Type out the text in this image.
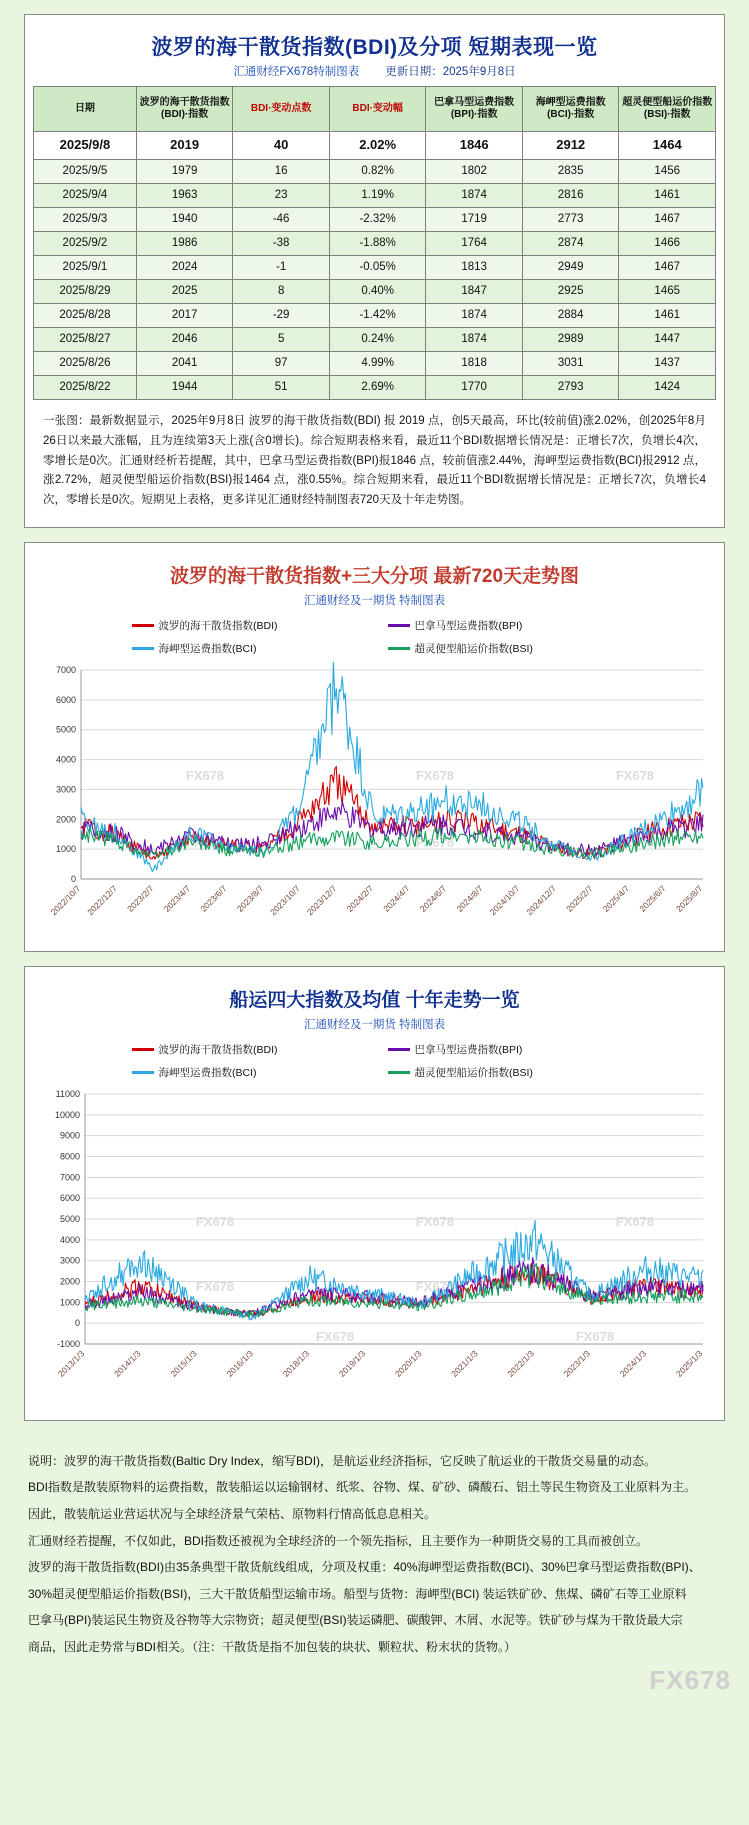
波罗的海干散货指数(BDI)及分项 短期表现一览
汇通财经FX678特制图表 更新日期：2025年9月8日
日期	波罗的海干散货指数(BDI)·指数	BDI·变动点数	BDI·变动幅	巴拿马型运费指数(BPI)·指数	海岬型运费指数(BCI)·指数	超灵便型船运价指数(BSI)·指数
2025/9/8	2019	40	2.02%	1846	2912	1464
2025/9/5	1979	16	0.82%	1802	2835	1456
2025/9/4	1963	23	1.19%	1874	2816	1461
2025/9/3	1940	-46	-2.32%	1719	2773	1467
2025/9/2	1986	-38	-1.88%	1764	2874	1466
2025/9/1	2024	-1	-0.05%	1813	2949	1467
2025/8/29	2025	8	0.40%	1847	2925	1465
2025/8/28	2017	-29	-1.42%	1874	2884	1461
2025/8/27	2046	5	0.24%	1874	2989	1447
2025/8/26	2041	97	4.99%	1818	3031	1437
2025/8/22	1944	51	2.69%	1770	2793	1424
一张图：最新数据显示，2025年9月8日 波罗的海干散货指数(BDI) 报 2019 点，创5天最高，环比(较前值)涨2.02%，创2025年8月26日以来最大涨幅，且为连续第3天上涨(含0增长)。综合短期表格来看，最近11个BDI数据增长情况是：正增长7次，负增长4次，零增长是0次。汇通财经析若提醒，其中，巴拿马型运费指数(BPI)报1846 点，较前值涨2.44%，海岬型运费指数(BCI)报2912 点，涨2.72%，超灵便型船运价指数(BSI)报1464 点，涨0.55%。综合短期来看，最近11个BDI数据增长情况是：正增长7次，负增长4次，零增长是0次。短期见上表格，更多详见汇通财经特制图表720天及十年走势图。
波罗的海干散货指数+三大分项 最新720天走势图
汇通财经及一期货 特制图表
波罗的海干散货指数(BDI)	巴拿马型运费指数(BPI)
海岬型运费指数(BCI)	超灵便型船运价指数(BSI)
0
1000
2000
3000
4000
5000
6000
7000
FX678	FX678	FX678
FX678	FX678	FX678
2022/10/7 2022/12/7 2023/2/7 2023/4/7 2023/6/7 2023/8/7 2023/10/7 2023/12/7 2024/2/7 2024/4/7 2024/6/7 2024/8/7 2024/10/7 2024/12/7 2025/2/7 2025/4/7 2025/6/7 2025/8/7
船运四大指数及均值 十年走势一览
汇通财经及一期货 特制图表
波罗的海干散货指数(BDI)	巴拿马型运费指数(BPI)
海岬型运费指数(BCI)	超灵便型船运价指数(BSI)
-1000
0
1000
2000
3000
4000
5000
6000
7000
8000
9000
10000
11000
FX678	FX678	FX678
FX678	FX678	FX678
FX678	FX678
2013/1/3	2014/1/3	2015/1/3	2016/1/3	2018/1/3	2019/1/3	2020/1/3	2021/1/3	2022/1/3	2023/1/3	2024/1/3	2025/1/3

说明：波罗的海干散货指数(Baltic Dry Index，缩写BDI)，是航运业经济指标，它反映了航运业的干散货交易量的动态。

BDI指数是散装原物料的运费指数，散装船运以运输钢材、纸浆、谷物、煤、矿砂、磷酸石、铝土等民生物资及工业原料为主。

因此，散装航运业营运状况与全球经济景气荣枯、原物料行情高低息息相关。

汇通财经若提醒，不仅如此，BDI指数还被视为全球经济的一个领先指标，且主要作为一种期货交易的工具而被创立。

波罗的海干散货指数(BDI)由35条典型干散货航线组成，分项及权重：40%海岬型运费指数(BCI)、30%巴拿马型运费指数(BPI)、

30%超灵便型船运价指数(BSI)，三大干散货船型运输市场。船型与货物：海岬型(BCI) 装运铁矿砂、焦煤、磷矿石等工业原料

巴拿马(BPI)装运民生物资及谷物等大宗物资；超灵便型(BSI)装运磷肥、碳酸钾、木屑、水泥等。铁矿砂与煤为干散货最大宗

商品，因此走势常与BDI相关。（注：干散货是指不加包装的块状、颗粒状、粉末状的货物。）

FX678
